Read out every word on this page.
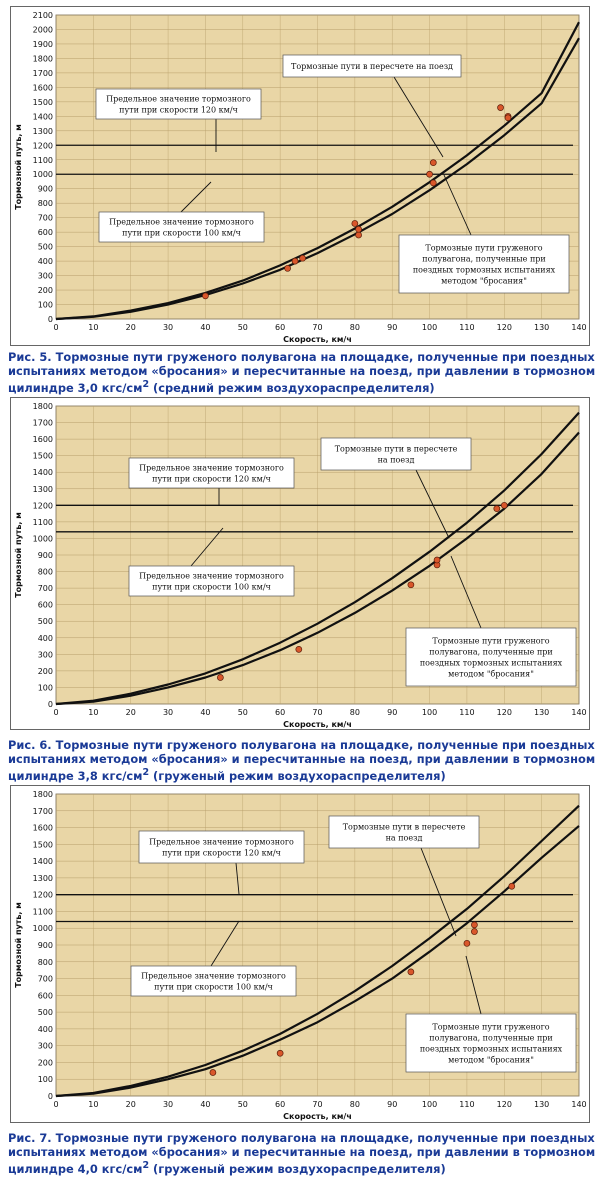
0
100
200
300
400
500
600
700
800
900
1000
1100
1200
1300
1400
1500
1600
1700
1800
1900
2000
2100
0	10	20	30	40	50	60	70	80	90	100	110	120	130	140
Скорость, км/ч
Тормозной путь, м
Предельное значение тормозного
пути при скорости 120 км/ч
Тормозные пути в пересчете на поезд
Предельное значение тормозного
пути при скорости 100 км/ч
Тормозные пути груженого
полувагона, полученные при
поездных тормозных испытаниях
методом "бросания"
Рис. 5. Тормозные пути груженого полувагона на площадке, полученные при поездных испытаниях методом «бросания» и пересчитанные на поезд, при давлении в тормозном цилиндре 3,0 кгс/$см^2$ (средний режим воздухораспределителя)
0
100
200
300
400
500
600
700
800
900
1000
1100
1200
1300
1400
1500
1600
1700
1800
0	10	20	30	40	50	60	70	80	90	100	110	120	130	140
Скорость, км/ч
Тормозной путь, м
Тормозные пути в пересчете
на поезд
Предельное значение тормозного
пути при скорости 120 км/ч
Предельное значение тормозного
пути при скорости 100 км/ч
Тормозные пути груженого
полувагона, полученные при
поездных тормозных испытаниях
методом "бросания"
Рис. 6. Тормозные пути груженого полувагона на площадке, полученные при поездных испытаниях методом «бросания» и пересчитанные на поезд, при давлении в тормозном цилиндре 3,8 кгс/$см^2$ (груженый режим воздухораспределителя)
0
100
200
300
400
500
600
700
800
900
1000
1100
1200
1300
1400
1500
1600
1700
1800
0	10	20	30	40	50	60	70	80	90	100	110	120	130	140
Скорость, км/ч
Тормозной путь, м
Предельное значение тормозного
пути при скорости 120 км/ч
Тормозные пути в пересчете
на поезд
Предельное значение тормозного
пути при скорости 100 км/ч
Тормозные пути груженого
полувагона, полученные при
поездных тормозных испытаниях
методом "бросания"
Рис. 7. Тормозные пути груженого полувагона на площадке, полученные при поездных испытаниях методом «бросания» и пересчитанные на поезд, при давлении в тормозном цилиндре 4,0 кгс/$см^2$ (груженый режим воздухораспределителя)
